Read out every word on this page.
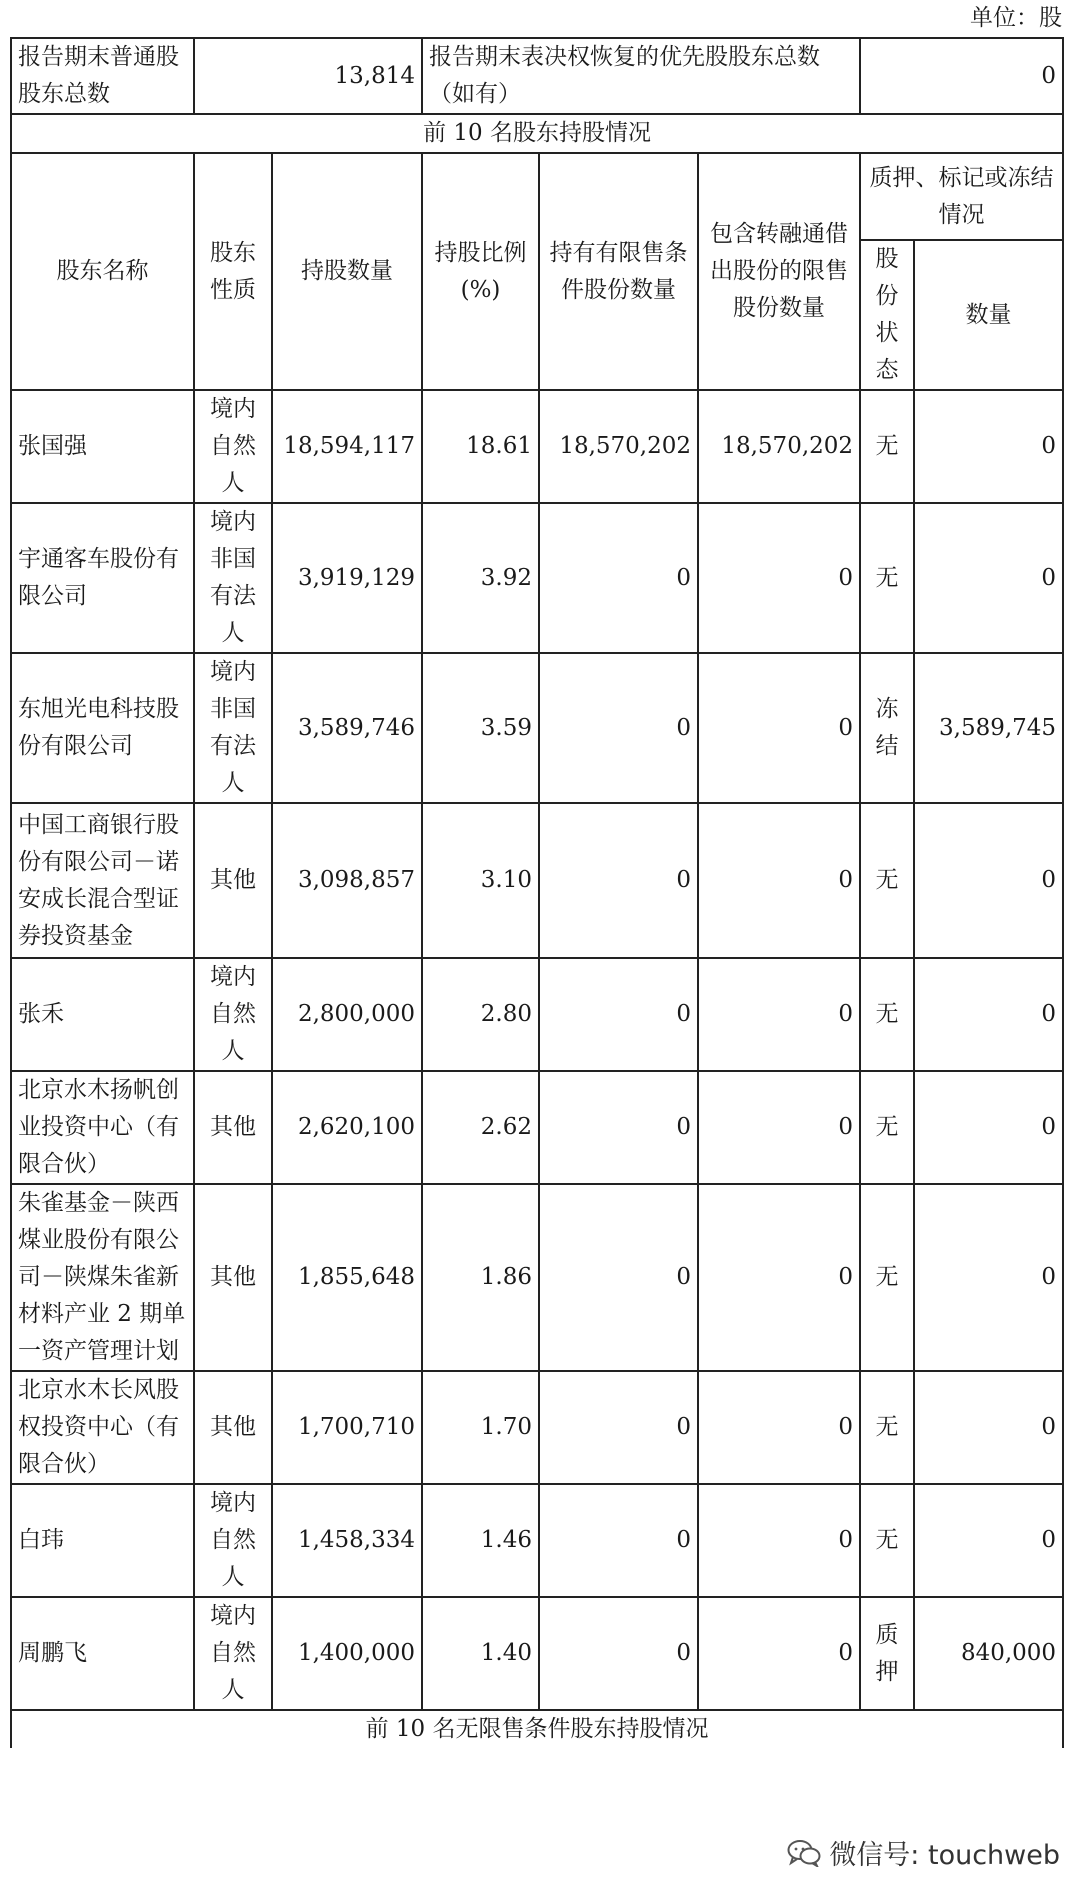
单位：股
报告期末普通股股东总数	13,814		报告期末表决权恢复的优先股股东总数（如有）			0	
前 10 名股东持股情况							
股东名称	股东性质	持股数量	持股比例(%)	持有有限售条件股份数量	包含转融通借出股份的限售股份数量	质押、标记或冻结情况	
						股份状态	数量
张国强	境内自然人	18,594,117	18.61	18,570,202	18,570,202	无	0
宇通客车股份有限公司	境内非国有法人	3,919,129	3.92	0	0	无	0
东旭光电科技股份有限公司	境内非国有法人	3,589,746	3.59	0	0	冻结	3,589,745
中国工商银行股份有限公司－诺安成长混合型证券投资基金	其他	3,098,857	3.10	0	0	无	0
张禾	境内自然人	2,800,000	2.80	0	0	无	0
北京水木扬帆创业投资中心（有限合伙）	其他	2,620,100	2.62	0	0	无	0
朱雀基金－陕西煤业股份有限公司－陕煤朱雀新材料产业 2 期单一资产管理计划	其他	1,855,648	1.86	0	0	无	0
北京水木长风股权投资中心（有限合伙）	其他	1,700,710	1.70	0	0	无	0
白玮	境内自然人	1,458,334	1.46	0	0	无	0
周鹏飞	境内自然人	1,400,000	1.40	0	0	质押	840,000
前 10 名无限售条件股东持股情况							
微信号: touchweb
